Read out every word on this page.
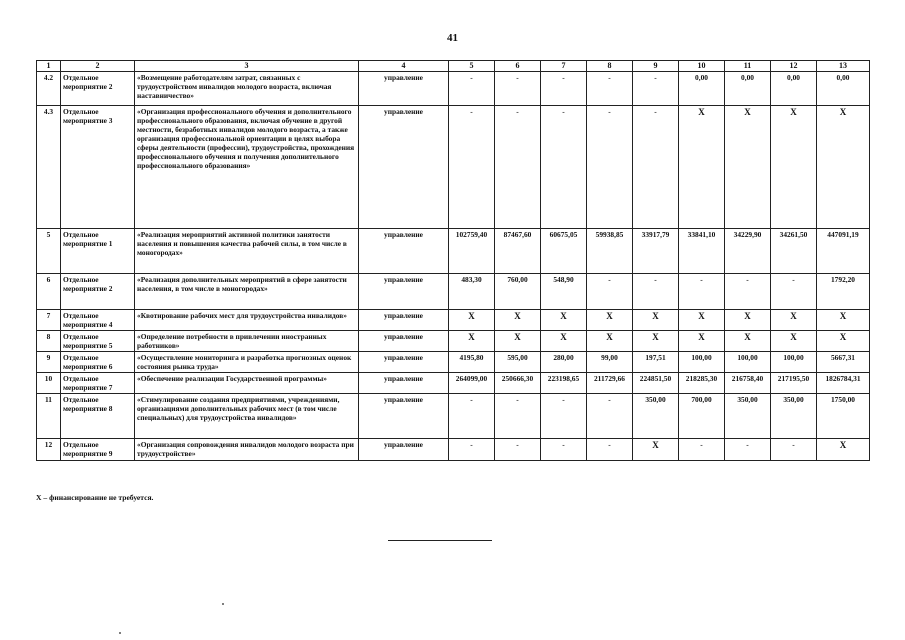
41
1	2	3	4	5	6	7	8	9	10	11	12	13
4.2	Отдельное мероприятие 2	«Возмещение работодателям затрат, связанных с трудоустройством инвалидов молодого возраста, включая наставничество»	управление	-	-	-	-	-	0,00	0,00	0,00	0,00
4.3	Отдельное мероприятие 3	«Организация профессионального обучения и дополнительного профессионального образования, включая обучение в другой местности, безработных инвалидов молодого возраста, а также организация профессиональной ориентации в целях выбора сферы деятельности (профессии), трудоустройства, прохождения профессионального обучения и получения дополнительного профессионального образования»	управление	-	-	-	-	-	X	X	X	X
5	Отдельное мероприятие 1	«Реализация мероприятий активной политики занятости населения и повышения качества рабочей силы, в том числе в моногородах»	управление	102759,40	87467,60	60675,05	59938,85	33917,79	33841,10	34229,90	34261,50	447091,19
6	Отдельное мероприятие 2	«Реализация дополнительных мероприятий в сфере занятости населения, в том числе в моногородах»	управление	483,30	760,00	548,90	-	-	-	-	-	1792,20
7	Отдельное мероприятие 4	«Квотирование рабочих мест для трудоустройства инвалидов»	управление	X	X	X	X	X	X	X	X	X
8	Отдельное мероприятие 5	«Определение потребности в привлечении иностранных работников»	управление	X	X	X	X	X	X	X	X	X
9	Отдельное мероприятие 6	«Осуществление мониторинга и разработка прогнозных оценок состояния рынка труда»	управление	4195,80	595,00	280,00	99,00	197,51	100,00	100,00	100,00	5667,31
10	Отдельное мероприятие 7	«Обеспечение реализации Государственной программы»	управление	264099,00	250666,30	223198,65	211729,66	224851,50	218285,30	216758,40	217195,50	1826784,31
11	Отдельное мероприятие 8	«Стимулирование создания предприятиями, учреждениями, организациями дополнительных рабочих мест (в том числе специальных) для трудоустройства инвалидов»	управление	-	-	-	-	350,00	700,00	350,00	350,00	1750,00
12	Отдельное мероприятие 9	«Организация сопровождения инвалидов молодого возраста при трудоустройстве»	управление	-	-	-	-	X	-	-	-	X
Х – финансирование не требуется.
